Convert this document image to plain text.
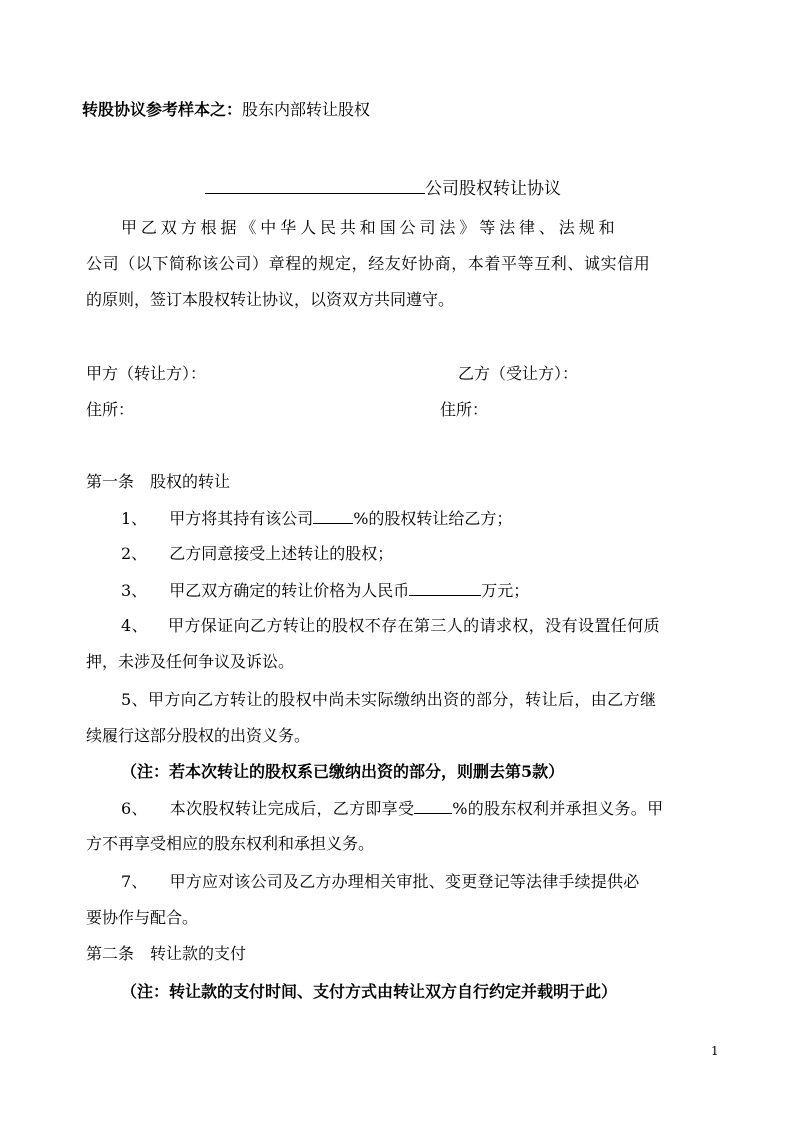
转股协议参考样本之：股东内部转让股权
公司股权转让协议
甲乙双方根据《中华人民共和国公司法》等法律、法规和
公司（以下简称该公司）章程的规定，经友好协商，本着平等互利、诚实信用
的原则，签订本股权转让协议，以资双方共同遵守。
甲方（转让方）：	乙方（受让方）：
住所：	住所：
第一条　股权的转让
1、 甲方将其持有该公司	%的股权转让给乙方；
2、 乙方同意接受上述转让的股权；
3、 甲乙双方确定的转让价格为人民币	万元；
4、 甲方保证向乙方转让的股权不存在第三人的请求权，没有设置任何质
押，未涉及任何争议及诉讼。
5、甲方向乙方转让的股权中尚未实际缴纳出资的部分，转让后，由乙方继
续履行这部分股权的出资义务。
（注：若本次转让的股权系已缴纳出资的部分，则删去第5款）
6、 本次股权转让完成后，乙方即享受 %的股东权利并承担义务。甲
方不再享受相应的股东权利和承担义务。
7、 甲方应对该公司及乙方办理相关审批、变更登记等法律手续提供必
要协作与配合。
第二条　转让款的支付
（注：转让款的支付时间、支付方式由转让双方自行约定并载明于此）
1
